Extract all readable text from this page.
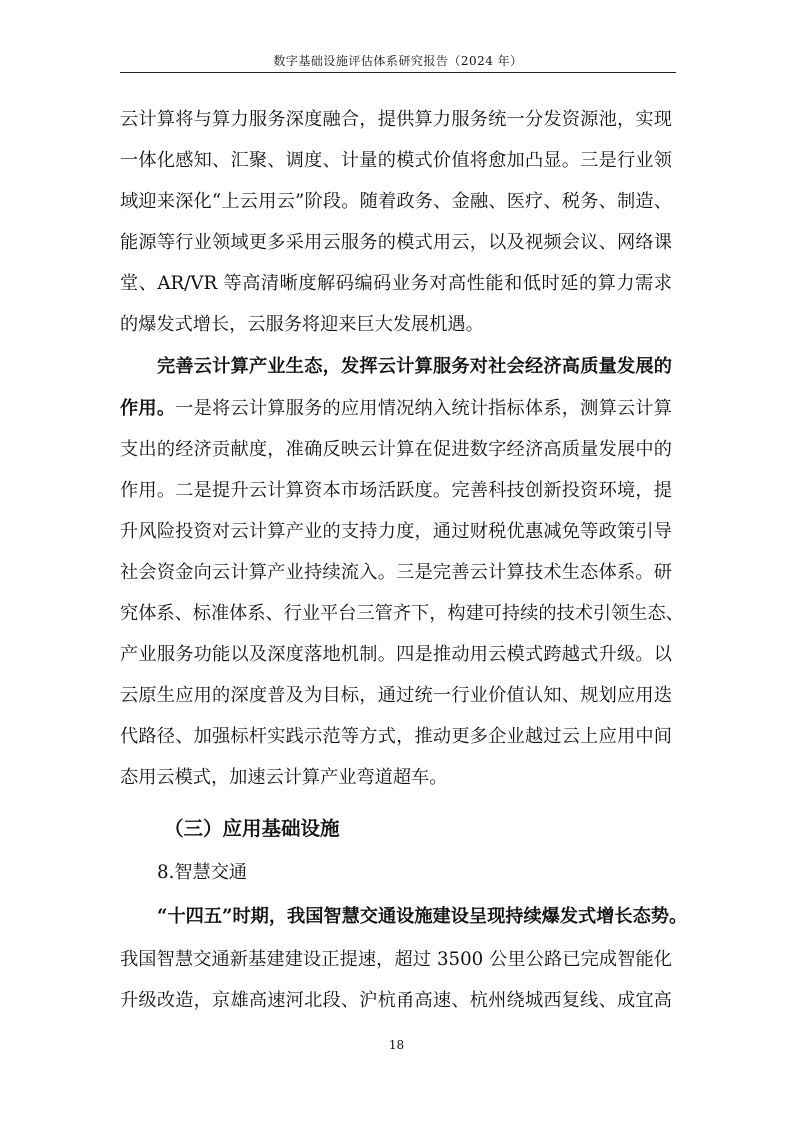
数字基础设施评估体系研究报告（2024 年）
云计算将与算力服务深度融合，提供算力服务统一分发资源池，实现
一体化感知、汇聚、调度、计量的模式价值将愈加凸显。三是行业领
域迎来深化“上云用云”阶段。随着政务、金融、医疗、税务、制造、
能源等行业领域更多采用云服务的模式用云，以及视频会议、网络课
堂、AR/VR 等高清晰度解码编码业务对高性能和低时延的算力需求
的爆发式增长，云服务将迎来巨大发展机遇。
完善云计算产业生态，发挥云计算服务对社会经济高质量发展的
作用。一是将云计算服务的应用情况纳入统计指标体系，测算云计算
支出的经济贡献度，准确反映云计算在促进数字经济高质量发展中的
作用。二是提升云计算资本市场活跃度。完善科技创新投资环境，提
升风险投资对云计算产业的支持力度，通过财税优惠减免等政策引导
社会资金向云计算产业持续流入。三是完善云计算技术生态体系。研
究体系、标准体系、行业平台三管齐下，构建可持续的技术引领生态、
产业服务功能以及深度落地机制。四是推动用云模式跨越式升级。以
云原生应用的深度普及为目标，通过统一行业价值认知、规划应用迭
代路径、加强标杆实践示范等方式，推动更多企业越过云上应用中间
态用云模式，加速云计算产业弯道超车。
（三）应用基础设施
8.智慧交通
“十四五”时期，我国智慧交通设施建设呈现持续爆发式增长态势。
我国智慧交通新基建建设正提速，超过 3500 公里公路已完成智能化
升级改造，京雄高速河北段、沪杭甬高速、杭州绕城西复线、成宜高
18
